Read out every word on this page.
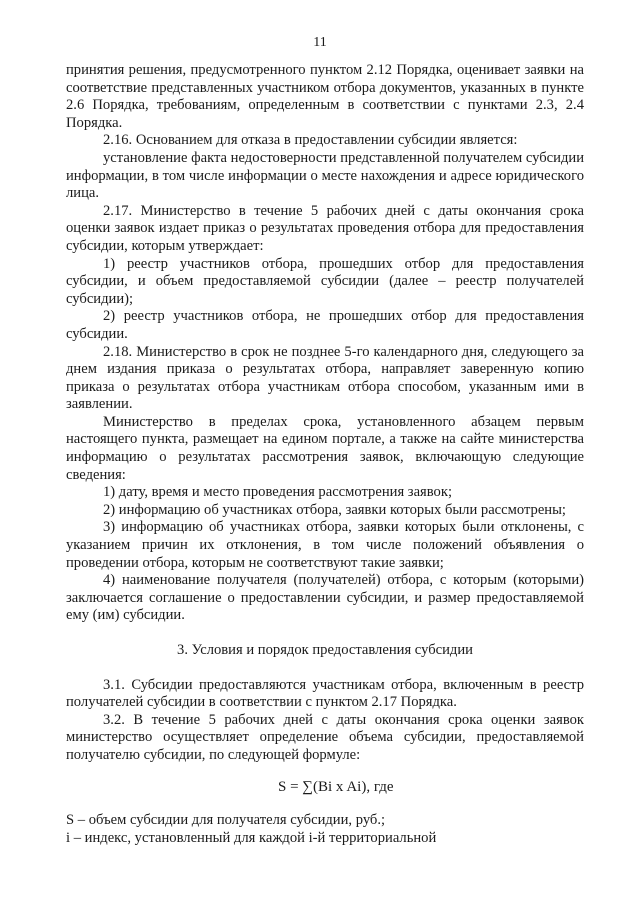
11

принятия решения, предусмотренного пунктом 2.12 Порядка, оценивает заявки на соответствие представленных участником отбора документов, указанных в пункте 2.6 Порядка, требованиям, определенным в соответствии с пунктами 2.3, 2.4 Порядка.

2.16. Основанием для отказа в предоставлении субсидии является:

установление факта недостоверности представленной получателем субсидии информации, в том числе информации о месте нахождения и адресе юридического лица.

2.17. Министерство в течение 5 рабочих дней с даты окончания срока оценки заявок издает приказ о результатах проведения отбора для предоставления субсидии, которым утверждает:

1) реестр участников отбора, прошедших отбор для предоставления субсидии, и объем предоставляемой субсидии (далее – реестр получателей субсидии);

2) реестр участников отбора, не прошедших отбор для предоставления субсидии.

2.18. Министерство в срок не позднее 5-го календарного дня, следующего за днем издания приказа о результатах отбора, направляет заверенную копию приказа о результатах отбора участникам отбора способом, указанным ими в заявлении.

Министерство в пределах срока, установленного абзацем первым настоящего пункта, размещает на едином портале, а также на сайте министерства информацию о результатах рассмотрения заявок, включающую следующие сведения:

1) дату, время и место проведения рассмотрения заявок;

2) информацию об участниках отбора, заявки которых были рассмотрены;

3) информацию об участниках отбора, заявки которых были отклонены, с указанием причин их отклонения, в том числе положений объявления о проведении отбора, которым не соответствуют такие заявки;

4) наименование получателя (получателей) отбора, с которым (которыми) заключается соглашение о предоставлении субсидии, и размер предоставляемой ему (им) субсидии.

3. Условия и порядок предоставления субсидии

3.1. Субсидии предоставляются участникам отбора, включенным в реестр получателей субсидии в соответствии с пунктом 2.17 Порядка.

3.2. В течение 5 рабочих дней с даты окончания срока оценки заявок министерство осуществляет определение объема субсидии, предоставляемой получателю субсидии, по следующей формуле:

S = ∑(Bi x Ai), где

S – объем субсидии для получателя субсидии, руб.;

i – индекс, установленный для каждой i-й территориальной
